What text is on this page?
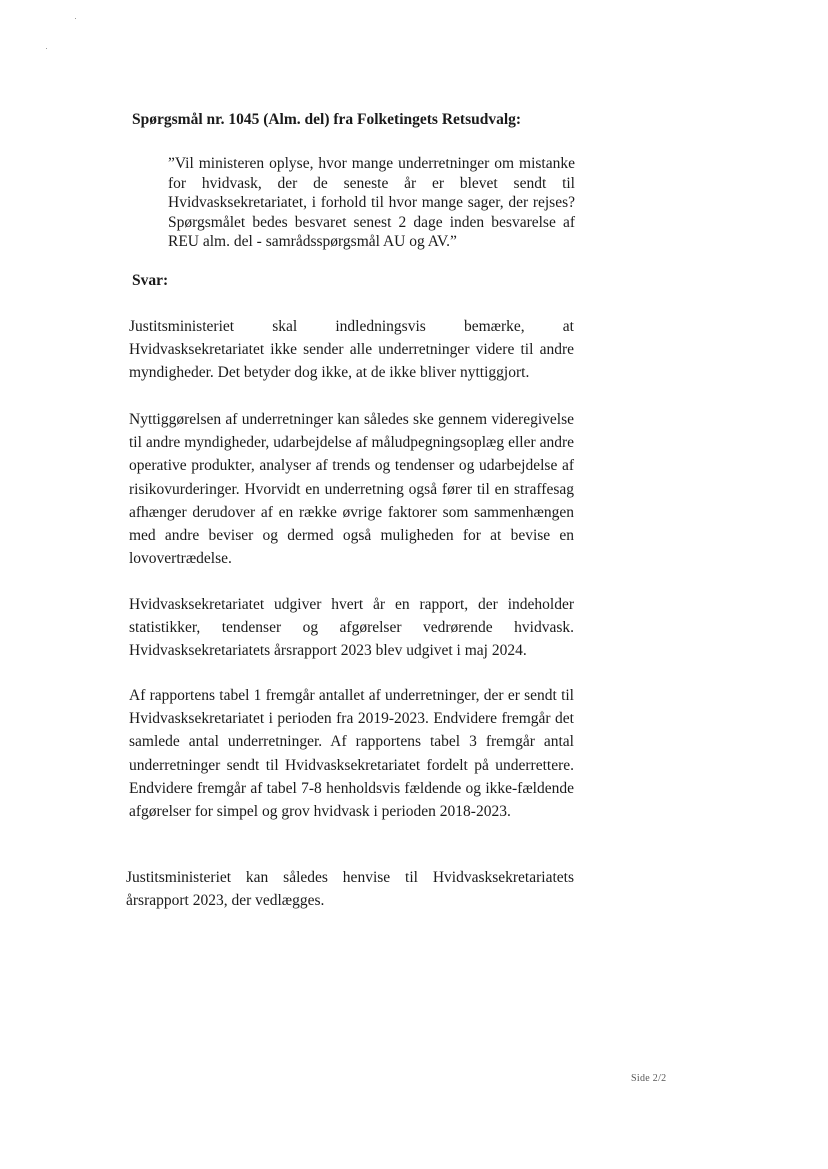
Spørgsmål nr. 1045 (Alm. del) fra Folketingets Retsudvalg:
”Vil ministeren oplyse, hvor mange underretninger om mistanke for hvidvask, der de seneste år er blevet sendt til Hvidvasksekretariatet, i forhold til hvor mange sager, der rejses? Spørgsmålet bedes besvaret senest 2 dage inden besvarelse af REU alm. del - samrådsspørgsmål AU og AV.”
Svar:
Justitsministeriet skal indledningsvis bemærke, at Hvidvasksekretariatet ikke sender alle underretninger videre til andre myndigheder. Det betyder dog ikke, at de ikke bliver nyttiggjort.
Nyttiggørelsen af underretninger kan således ske gennem videregivelse til andre myndigheder, udarbejdelse af måludpegningsoplæg eller andre operative produkter, analyser af trends og tendenser og udarbejdelse af risikovurderinger. Hvorvidt en underretning også fører til en straffesag afhænger derudover af en række øvrige faktorer som sammenhængen med andre beviser og dermed også muligheden for at bevise en lovovertrædelse.
Hvidvasksekretariatet udgiver hvert år en rapport, der indeholder statistikker, tendenser og afgørelser vedrørende hvidvask. Hvidvasksekretariatets årsrapport 2023 blev udgivet i maj 2024.
Af rapportens tabel 1 fremgår antallet af underretninger, der er sendt til Hvidvasksekretariatet i perioden fra 2019-2023. Endvidere fremgår det samlede antal underretninger. Af rapportens tabel 3 fremgår antal underretninger sendt til Hvidvasksekretariatet fordelt på underrettere. Endvidere fremgår af tabel 7-8 henholdsvis fældende og ikke-fældende afgørelser for simpel og grov hvidvask i perioden 2018-2023.
Justitsministeriet kan således henvise til Hvidvasksekretariatets årsrapport 2023, der vedlægges.
Side 2/2
